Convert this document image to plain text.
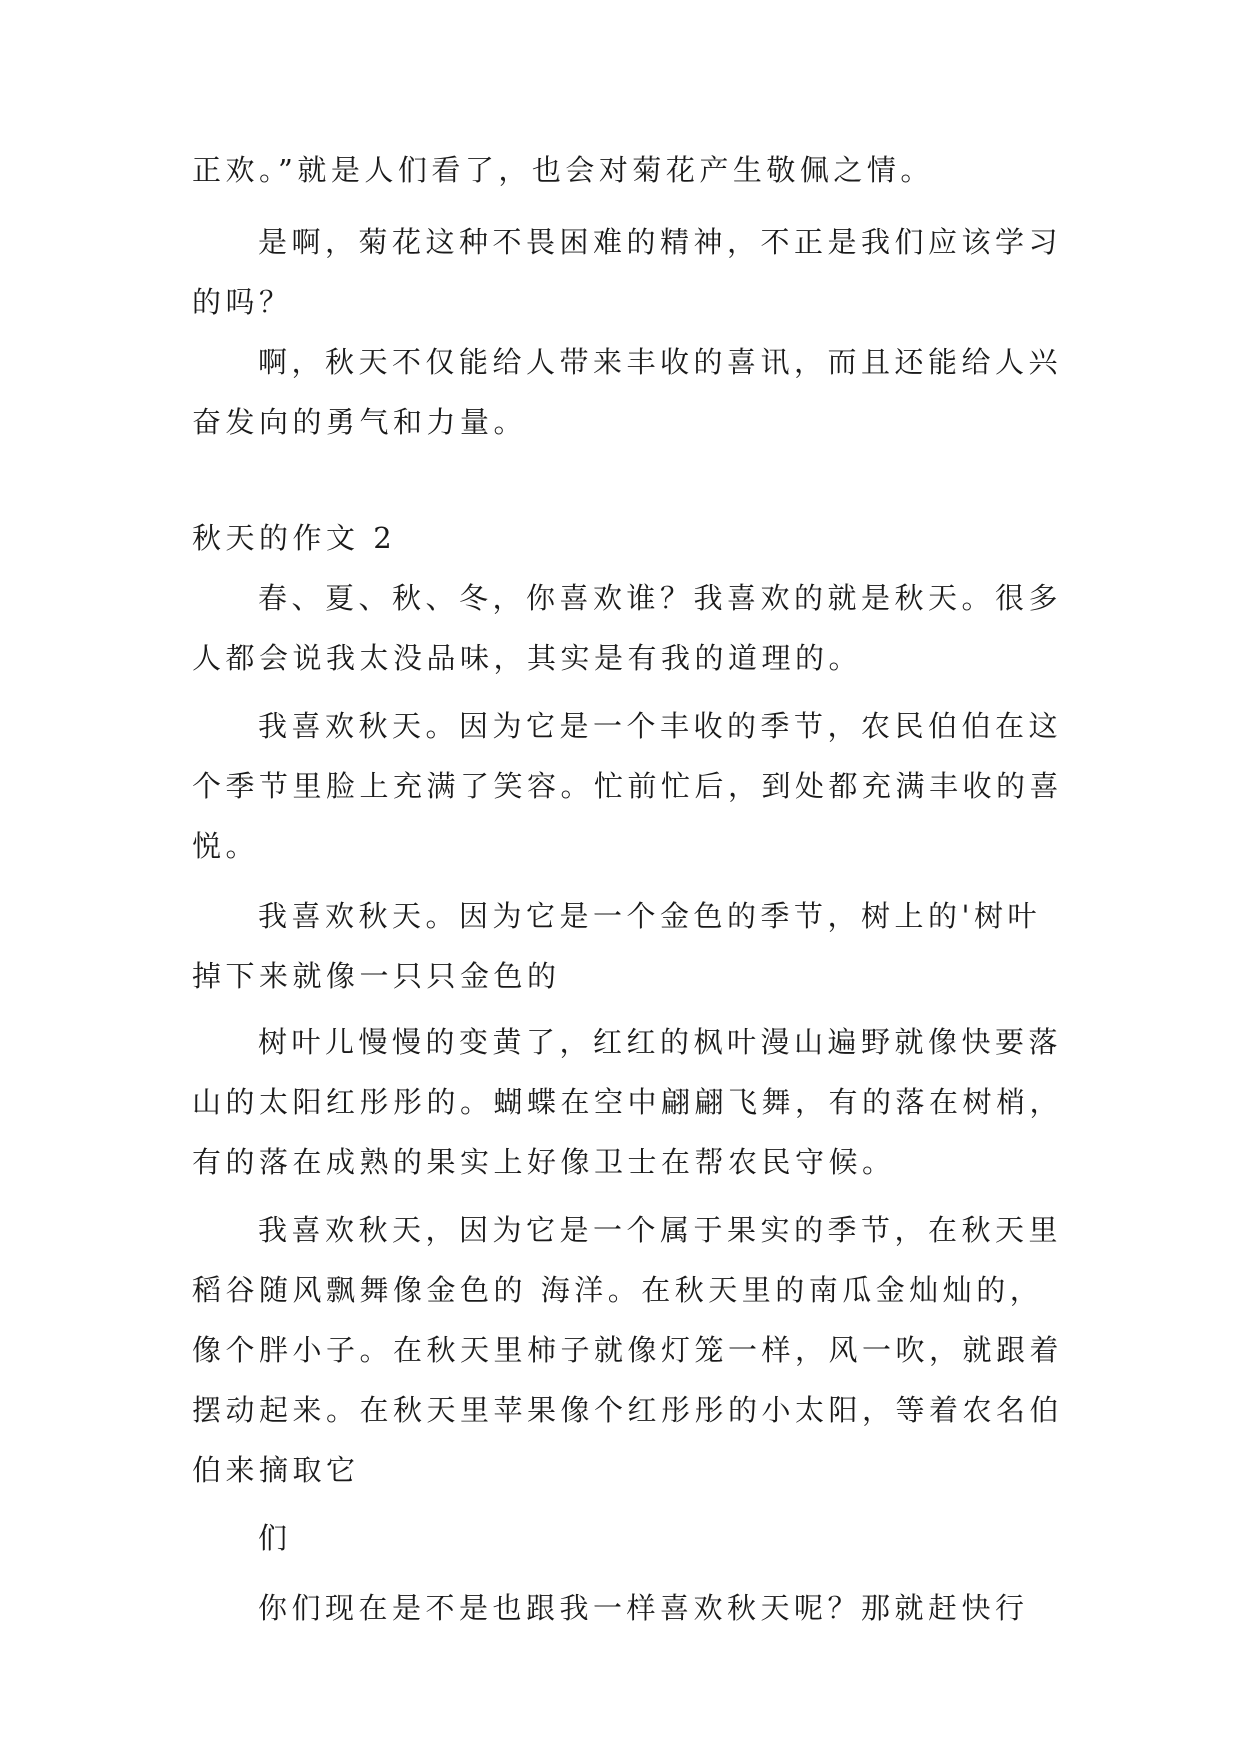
正欢。”就是人们看了，也会对菊花产生敬佩之情。
是啊，菊花这种不畏困难的精神，不正是我们应该学习
的吗？
啊，秋天不仅能给人带来丰收的喜讯，而且还能给人兴
奋发向的勇气和力量。
秋天的作文 2
春、夏、秋、冬，你喜欢谁？我喜欢的就是秋天。很多
人都会说我太没品味，其实是有我的道理的。
我喜欢秋天。因为它是一个丰收的季节，农民伯伯在这
个季节里脸上充满了笑容。忙前忙后，到处都充满丰收的喜
悦。
我喜欢秋天。因为它是一个金色的季节，树上的'树叶
掉下来就像一只只金色的
树叶儿慢慢的变黄了，红红的枫叶漫山遍野就像快要落
山的太阳红彤彤的。蝴蝶在空中翩翩飞舞，有的落在树梢，
有的落在成熟的果实上好像卫士在帮农民守候。
我喜欢秋天，因为它是一个属于果实的季节，在秋天里
稻谷随风飘舞像金色的 海洋。在秋天里的南瓜金灿灿的，
像个胖小子。在秋天里柿子就像灯笼一样，风一吹，就跟着
摆动起来。在秋天里苹果像个红彤彤的小太阳，等着农名伯
伯来摘取它
们
你们现在是不是也跟我一样喜欢秋天呢？那就赶快行
